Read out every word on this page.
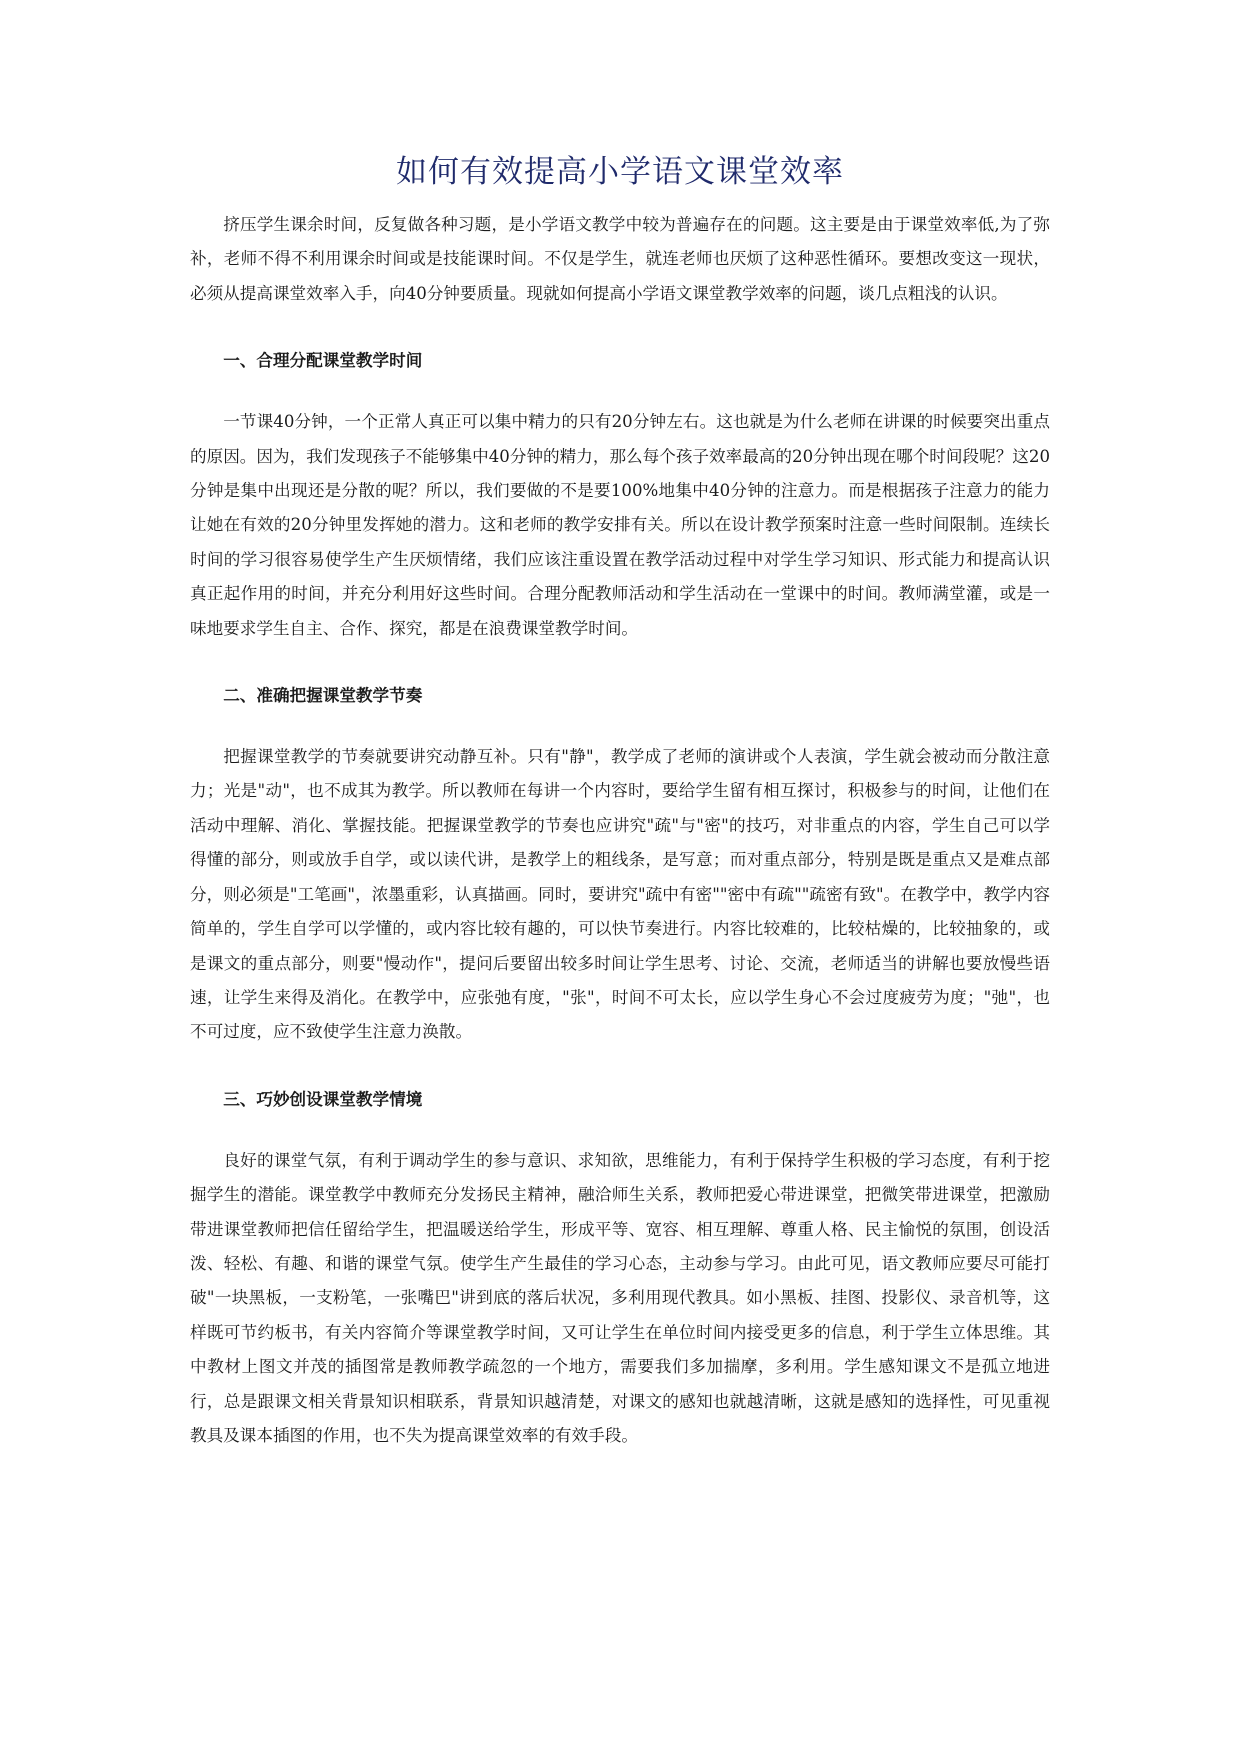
如何有效提高小学语文课堂效率

挤压学生课余时间，反复做各种习题，是小学语文教学中较为普遍存在的问题。这主要是由于课堂效率低,为了弥补，老师不得不利用课余时间或是技能课时间。不仅是学生，就连老师也厌烦了这种恶性循环。要想改变这一现状，必须从提高课堂效率入手，向40分钟要质量。现就如何提高小学语文课堂教学效率的问题，谈几点粗浅的认识。

一、合理分配课堂教学时间

一节课40分钟，一个正常人真正可以集中精力的只有20分钟左右。这也就是为什么老师在讲课的时候要突出重点的原因。因为，我们发现孩子不能够集中40分钟的精力，那么每个孩子效率最高的20分钟出现在哪个时间段呢？这20分钟是集中出现还是分散的呢？所以，我们要做的不是要100%地集中40分钟的注意力。而是根据孩子注意力的能力让她在有效的20分钟里发挥她的潜力。这和老师的教学安排有关。所以在设计教学预案时注意一些时间限制。连续长时间的学习很容易使学生产生厌烦情绪，我们应该注重设置在教学活动过程中对学生学习知识、形式能力和提高认识真正起作用的时间，并充分利用好这些时间。合理分配教师活动和学生活动在一堂课中的时间。教师满堂灌，或是一味地要求学生自主、合作、探究，都是在浪费课堂教学时间。

二、准确把握课堂教学节奏

把握课堂教学的节奏就要讲究动静互补。只有"静"，教学成了老师的演讲或个人表演，学生就会被动而分散注意力；光是"动"，也不成其为教学。所以教师在每讲一个内容时，要给学生留有相互探讨，积极参与的时间，让他们在活动中理解、消化、掌握技能。把握课堂教学的节奏也应讲究"疏"与"密"的技巧，对非重点的内容，学生自己可以学得懂的部分，则或放手自学，或以读代讲，是教学上的粗线条，是写意；而对重点部分，特别是既是重点又是难点部分，则必须是"工笔画"，浓墨重彩，认真描画。同时，要讲究"疏中有密""密中有疏""疏密有致"。在教学中，教学内容简单的，学生自学可以学懂的，或内容比较有趣的，可以快节奏进行。内容比较难的，比较枯燥的，比较抽象的，或是课文的重点部分，则要"慢动作"，提问后要留出较多时间让学生思考、讨论、交流，老师适当的讲解也要放慢些语速，让学生来得及消化。在教学中，应张弛有度，"张"，时间不可太长，应以学生身心不会过度疲劳为度；"弛"，也不可过度，应不致使学生注意力涣散。

三、巧妙创设课堂教学情境

良好的课堂气氛，有利于调动学生的参与意识、求知欲，思维能力，有利于保持学生积极的学习态度，有利于挖掘学生的潜能。课堂教学中教师充分发扬民主精神，融洽师生关系，教师把爱心带进课堂，把微笑带进课堂，把激励带进课堂教师把信任留给学生，把温暖送给学生，形成平等、宽容、相互理解、尊重人格、民主愉悦的氛围，创设活泼、轻松、有趣、和谐的课堂气氛。使学生产生最佳的学习心态，主动参与学习。由此可见，语文教师应要尽可能打破"一块黑板，一支粉笔，一张嘴巴"讲到底的落后状况，多利用现代教具。如小黑板、挂图、投影仪、录音机等，这样既可节约板书，有关内容简介等课堂教学时间，又可让学生在单位时间内接受更多的信息，利于学生立体思维。其中教材上图文并茂的插图常是教师教学疏忽的一个地方，需要我们多加揣摩，多利用。学生感知课文不是孤立地进行，总是跟课文相关背景知识相联系，背景知识越清楚，对课文的感知也就越清晰，这就是感知的选择性，可见重视教具及课本插图的作用，也不失为提高课堂效率的有效手段。
